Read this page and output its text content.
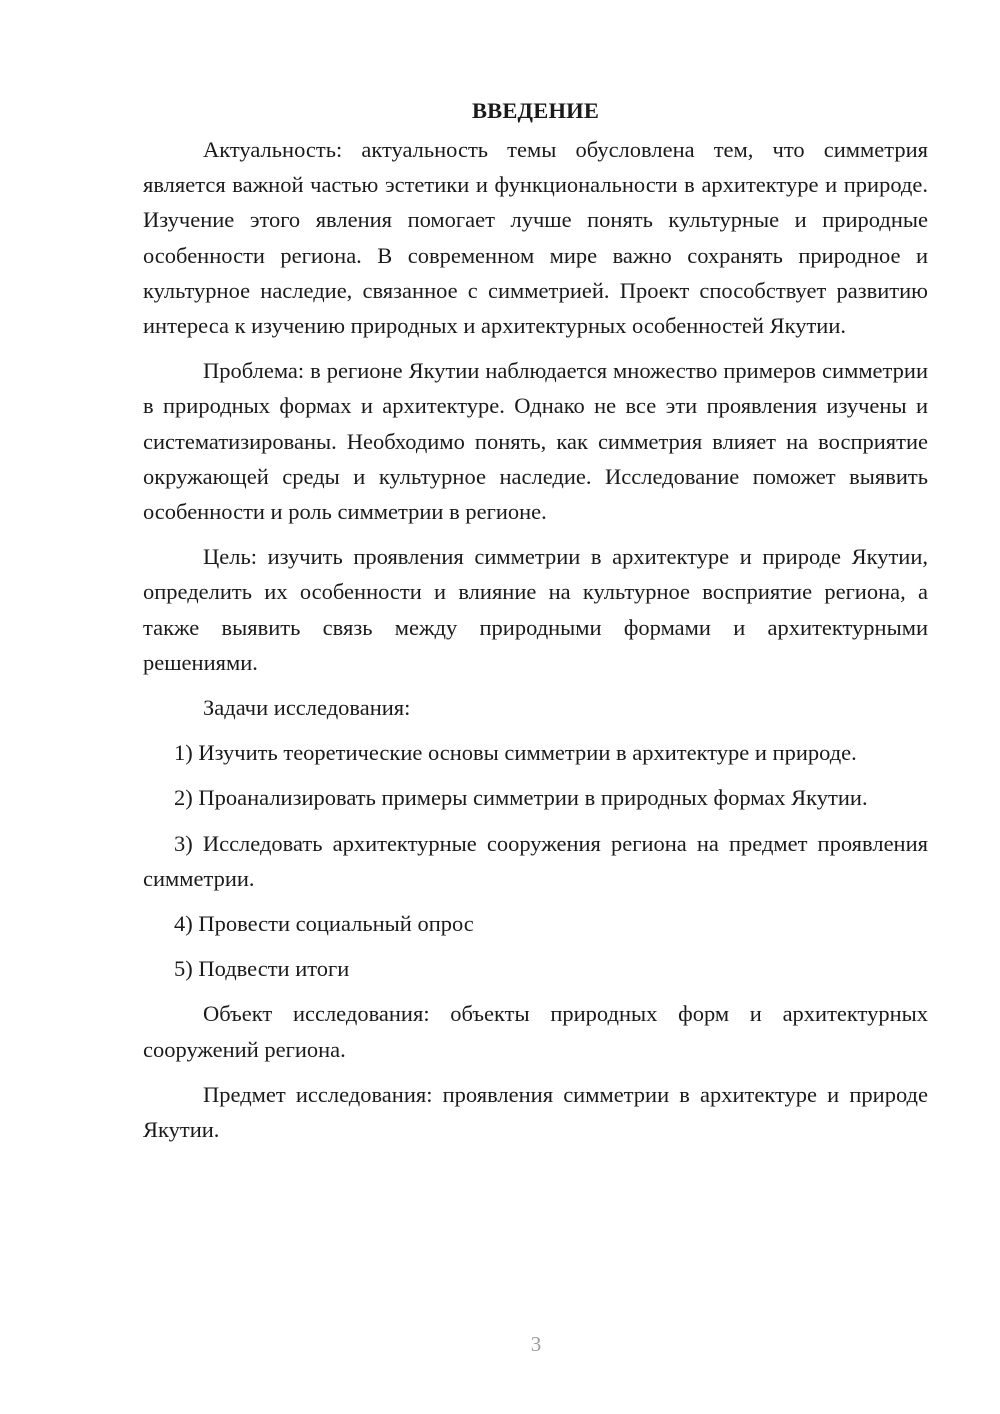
ВВЕДЕНИЕ

Актуальность: актуальность темы обусловлена тем, что симметрия является важной частью эстетики и функциональности в архитектуре и природе. Изучение этого явления помогает лучше понять культурные и природные особенности региона. В современном мире важно сохранять природное и культурное наследие, связанное с симметрией. Проект способствует развитию интереса к изучению природных и архитектурных особенностей Якутии.

Проблема: в регионе Якутии наблюдается множество примеров симметрии в природных формах и архитектуре. Однако не все эти проявления изучены и систематизированы. Необходимо понять, как симметрия влияет на восприятие окружающей среды и культурное наследие. Исследование поможет выявить особенности и роль симметрии в регионе.

Цель: изучить проявления симметрии в архитектуре и природе Якутии, определить их особенности и влияние на культурное восприятие региона, а также выявить связь между природными формами и архитектурными решениями.

Задачи исследования:

1) Изучить теоретические основы симметрии в архитектуре и природе.

2) Проанализировать примеры симметрии в природных формах Якутии.

3) Исследовать архитектурные сооружения региона на предмет проявления симметрии.

4) Провести социальный опрос

5) Подвести итоги

Объект исследования: объекты природных форм и архитектурных сооружений региона.

Предмет исследования: проявления симметрии в архитектуре и природе Якутии.

3
